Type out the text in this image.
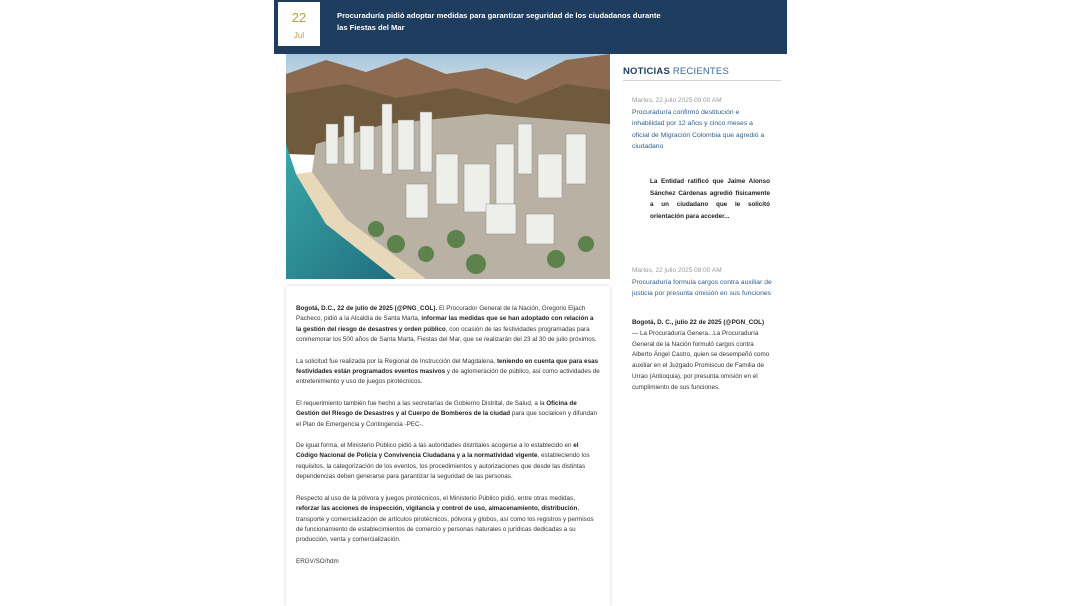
22
Jul
Procuraduría pidió adoptar medidas para garantizar seguridad de los ciudadanos durante las Fiestas del Mar

Bogotá, D.C., 22 de julio de 2025 (@PNG_COL). El Procurador General de la Nación, Gregorio Eljach Pacheco, pidió a la Alcaldía de Santa Marta, informar las medidas que se han adoptado con relación a la gestión del riesgo de desastres y orden público, con ocasión de las festividades programadas para conmemorar los 500 años de Santa Marta, Fiestas del Mar, que se realizarán del 23 al 30 de julio próximos.

La solicitud fue realizada por la Regional de Instrucción del Magdalena, teniendo en cuenta que para esas festividades están programados eventos masivos y de aglomeración de público, así como actividades de entretenimiento y uso de juegos pirotécnicos.

El requerimiento también fue hecho a las secretarías de Gobierno Distrital, de Salud, a la Oficina de Gestión del Riesgo de Desastres y al Cuerpo de Bomberos de la ciudad para que socialicen y difundan el Plan de Emergencia y Contingencia -PEC-.

De igual forma, el Ministerio Público pidió a las autoridades distritales acogerse a lo establecido en el Código Nacional de Policía y Convivencia Ciudadana y a la normatividad vigente, estableciendo los requisitos, la categorización de los eventos, los procedimientos y autorizaciones que desde las distintas dependencias deben generarse para garantizar la seguridad de las personas.

Respecto al uso de la pólvora y juegos pirotécnicos, el Ministerio Público pidió, entre otras medidas, reforzar las acciones de inspección, vigilancia y control de uso, almacenamiento, distribución, transporte y comercialización de artículos pirotécnicos, pólvora y globos, así como los registros y permisos de funcionamiento de establecimientos de comercio y personas naturales o jurídicas dedicadas a su producción, venta y comercialización.

ERGV/SO/hdm

NOTICIAS RECIENTES
Martes, 22 julio 2025 09:00 AM
Procuraduría confirmó destitución e inhabilidad por 12 años y cinco meses a oficial de Migración Colombia que agredió a ciudadano
La Entidad ratificó que Jaime Alonso Sánchez Cárdenas agredió físicamente a un ciudadano que le solicitó orientación para acceder...
Martes, 22 julio 2025 08:00 AM
Procuraduría formula cargos contra auxiliar de justicia por presunta omisión en sus funciones
Bogotá, D. C., julio 22 de 2025 (@PGN_COL) — La Procuraduría Genera...La Procuraduría General de la Nación formuló cargos contra Alberto Ángel Castro, quien se desempeñó como auxiliar en el Juzgado Promiscuo de Familia de Urrao (Antioquia), por presunta omisión en el cumplimiento de sus funciones.
